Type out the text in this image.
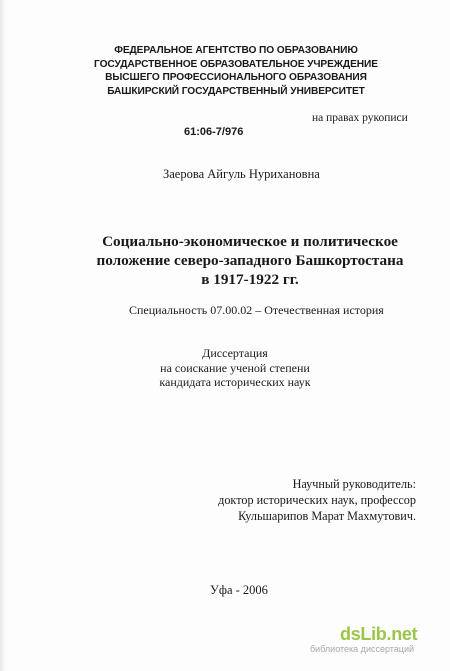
ФЕДЕРАЛЬНОЕ АГЕНТСТВО ПО ОБРАЗОВАНИЮ
ГОСУДАРСТВЕННОЕ ОБРАЗОВАТЕЛЬНОЕ УЧРЕЖДЕНИЕ
ВЫСШЕГО ПРОФЕССИОНАЛЬНОГО ОБРАЗОВАНИЯ
БАШКИРСКИЙ ГОСУДАРСТВЕННЫЙ УНИВЕРСИТЕТ
на правах рукописи
61:06-7/976
Заерова Айгуль Нурихановна
Социально-экономическое и политическое
положение северо-западного Башкортостана
в 1917-1922 гг.
Специальность 07.00.02 – Отечественная история
Диссертация
на соискание ученой степени
кандидата исторических наук
Научный руководитель:
доктор исторических наук, профессор
Кульшарипов Марат Махмутович.
Уфа - 2006
dsLib.net
библиотека диссертаций
